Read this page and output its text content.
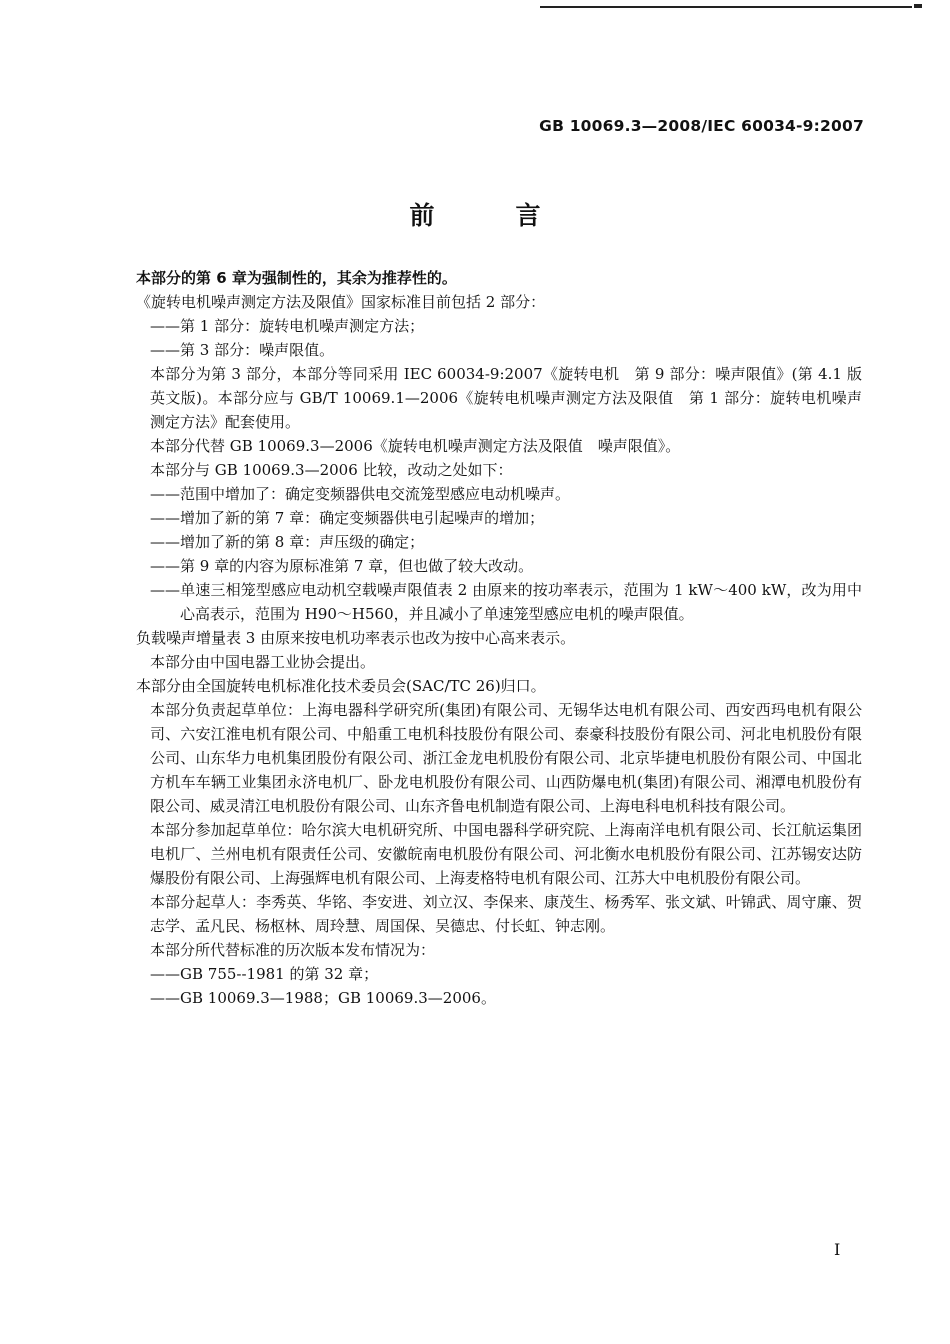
GB 10069.3—2008/IEC 60034-9:2007
前　言

本部分的第 6 章为强制性的，其余为推荐性的。

《旋转电机噪声测定方法及限值》国家标准目前包括 2 部分：

——第 1 部分：旋转电机噪声测定方法；

——第 3 部分：噪声限值。

本部分为第 3 部分，本部分等同采用 IEC 60034-9:2007《旋转电机　第 9 部分：噪声限值》(第 4.1 版英文版)。本部分应与 GB/T 10069.1—2006《旋转电机噪声测定方法及限值　第 1 部分：旋转电机噪声测定方法》配套使用。

本部分代替 GB 10069.3—2006《旋转电机噪声测定方法及限值　噪声限值》。

本部分与 GB 10069.3—2006 比较，改动之处如下：

——范围中增加了：确定变频器供电交流笼型感应电动机噪声。

——增加了新的第 7 章：确定变频器供电引起噪声的增加；

——增加了新的第 8 章：声压级的确定；

——第 9 章的内容为原标准第 7 章，但也做了较大改动。

——单速三相笼型感应电动机空载噪声限值表 2 由原来的按功率表示，范围为 1 kW～400 kW，改为用中心高表示，范围为 H90～H560，并且减小了单速笼型感应电机的噪声限值。

负载噪声增量表 3 由原来按电机功率表示也改为按中心高来表示。

本部分由中国电器工业协会提出。

本部分由全国旋转电机标准化技术委员会(SAC/TC 26)归口。

本部分负责起草单位：上海电器科学研究所(集团)有限公司、无锡华达电机有限公司、西安西玛电机有限公司、六安江淮电机有限公司、中船重工电机科技股份有限公司、泰豪科技股份有限公司、河北电机股份有限公司、山东华力电机集团股份有限公司、浙江金龙电机股份有限公司、北京毕捷电机股份有限公司、中国北方机车车辆工业集团永济电机厂、卧龙电机股份有限公司、山西防爆电机(集团)有限公司、湘潭电机股份有限公司、威灵清江电机股份有限公司、山东齐鲁电机制造有限公司、上海电科电机科技有限公司。

本部分参加起草单位：哈尔滨大电机研究所、中国电器科学研究院、上海南洋电机有限公司、长江航运集团电机厂、兰州电机有限责任公司、安徽皖南电机股份有限公司、河北衡水电机股份有限公司、江苏锡安达防爆股份有限公司、上海强辉电机有限公司、上海麦格特电机有限公司、江苏大中电机股份有限公司。

本部分起草人：李秀英、华铭、李安进、刘立汉、李保来、康茂生、杨秀军、张文斌、叶锦武、周守廉、贺志学、孟凡民、杨枢林、周玲慧、周国保、吴德忠、付长虹、钟志刚。

本部分所代替标准的历次版本发布情况为：

——GB 755--1981 的第 32 章；

——GB 10069.3—1988；GB 10069.3—2006。

I
